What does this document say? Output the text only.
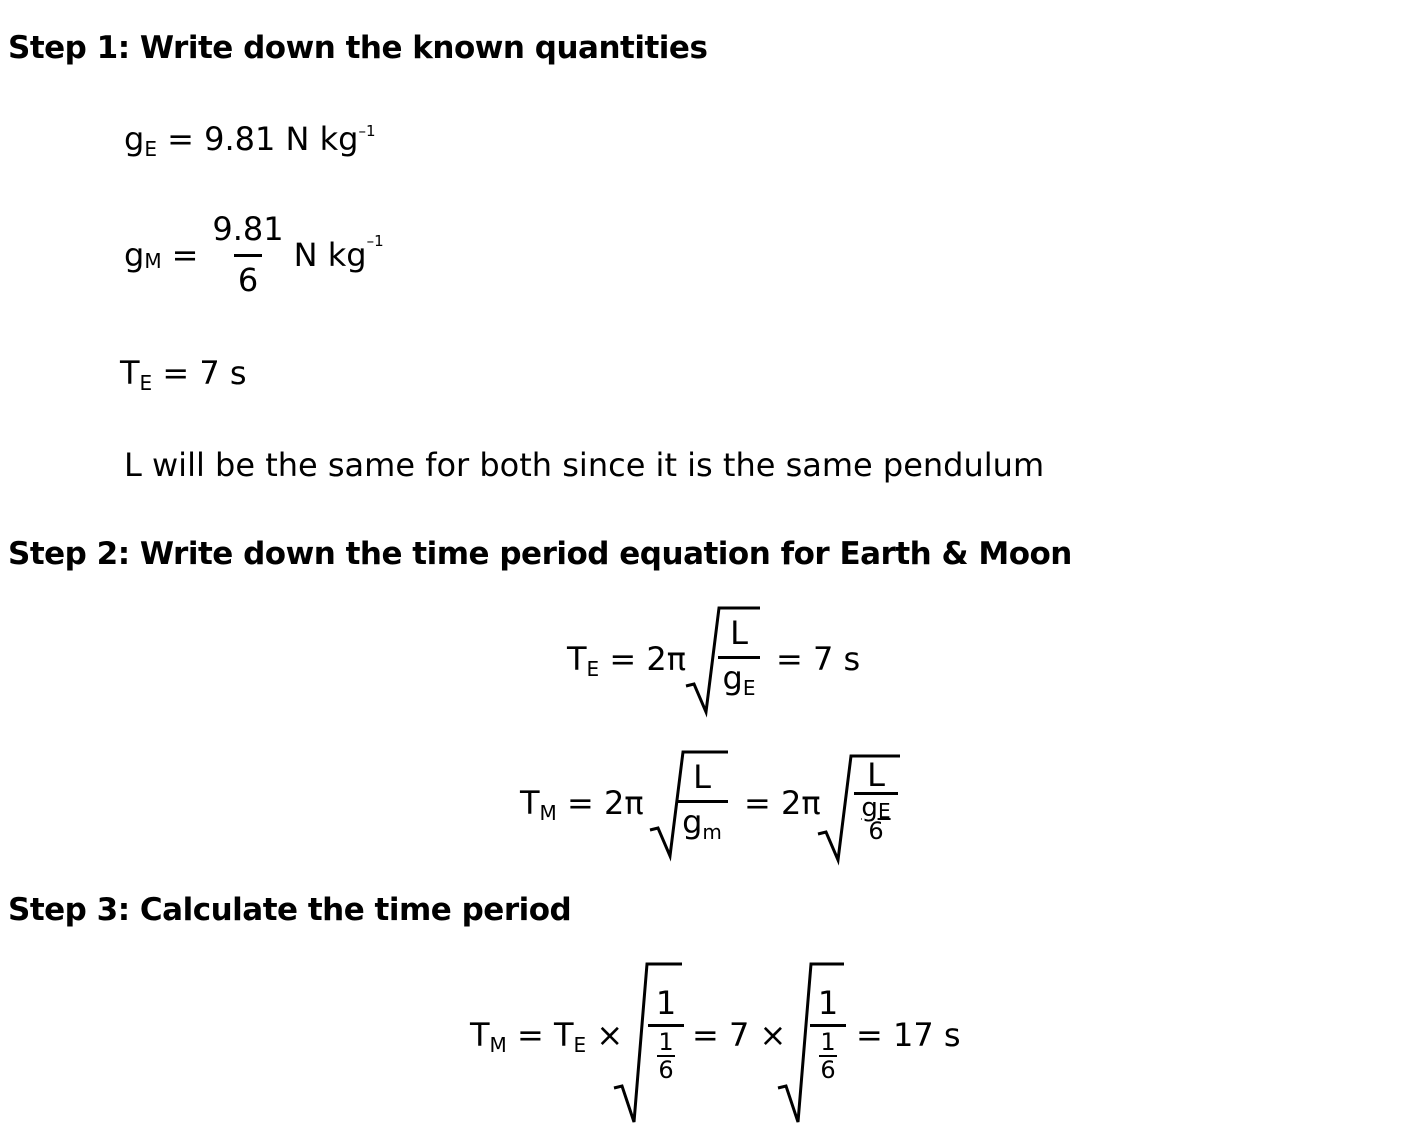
Step 1: Write down the known quantities
Step 2: Write down the time period equation for Earth & Moon
Step 3: Calculate the time period
gE = 9.81 N $kg^{-1}$
g $M = \frac{9.81}{6}$ N kg –1
TE = 7 s
L will be the same for both since it is the same pendulum
TE = 2π
L
gE
= 7 s
TM = 2π
L
gm
= 2π
L
gE
6
TM = TE ×
1
1
6
= 7 ×
1
1
6
= 17 s
